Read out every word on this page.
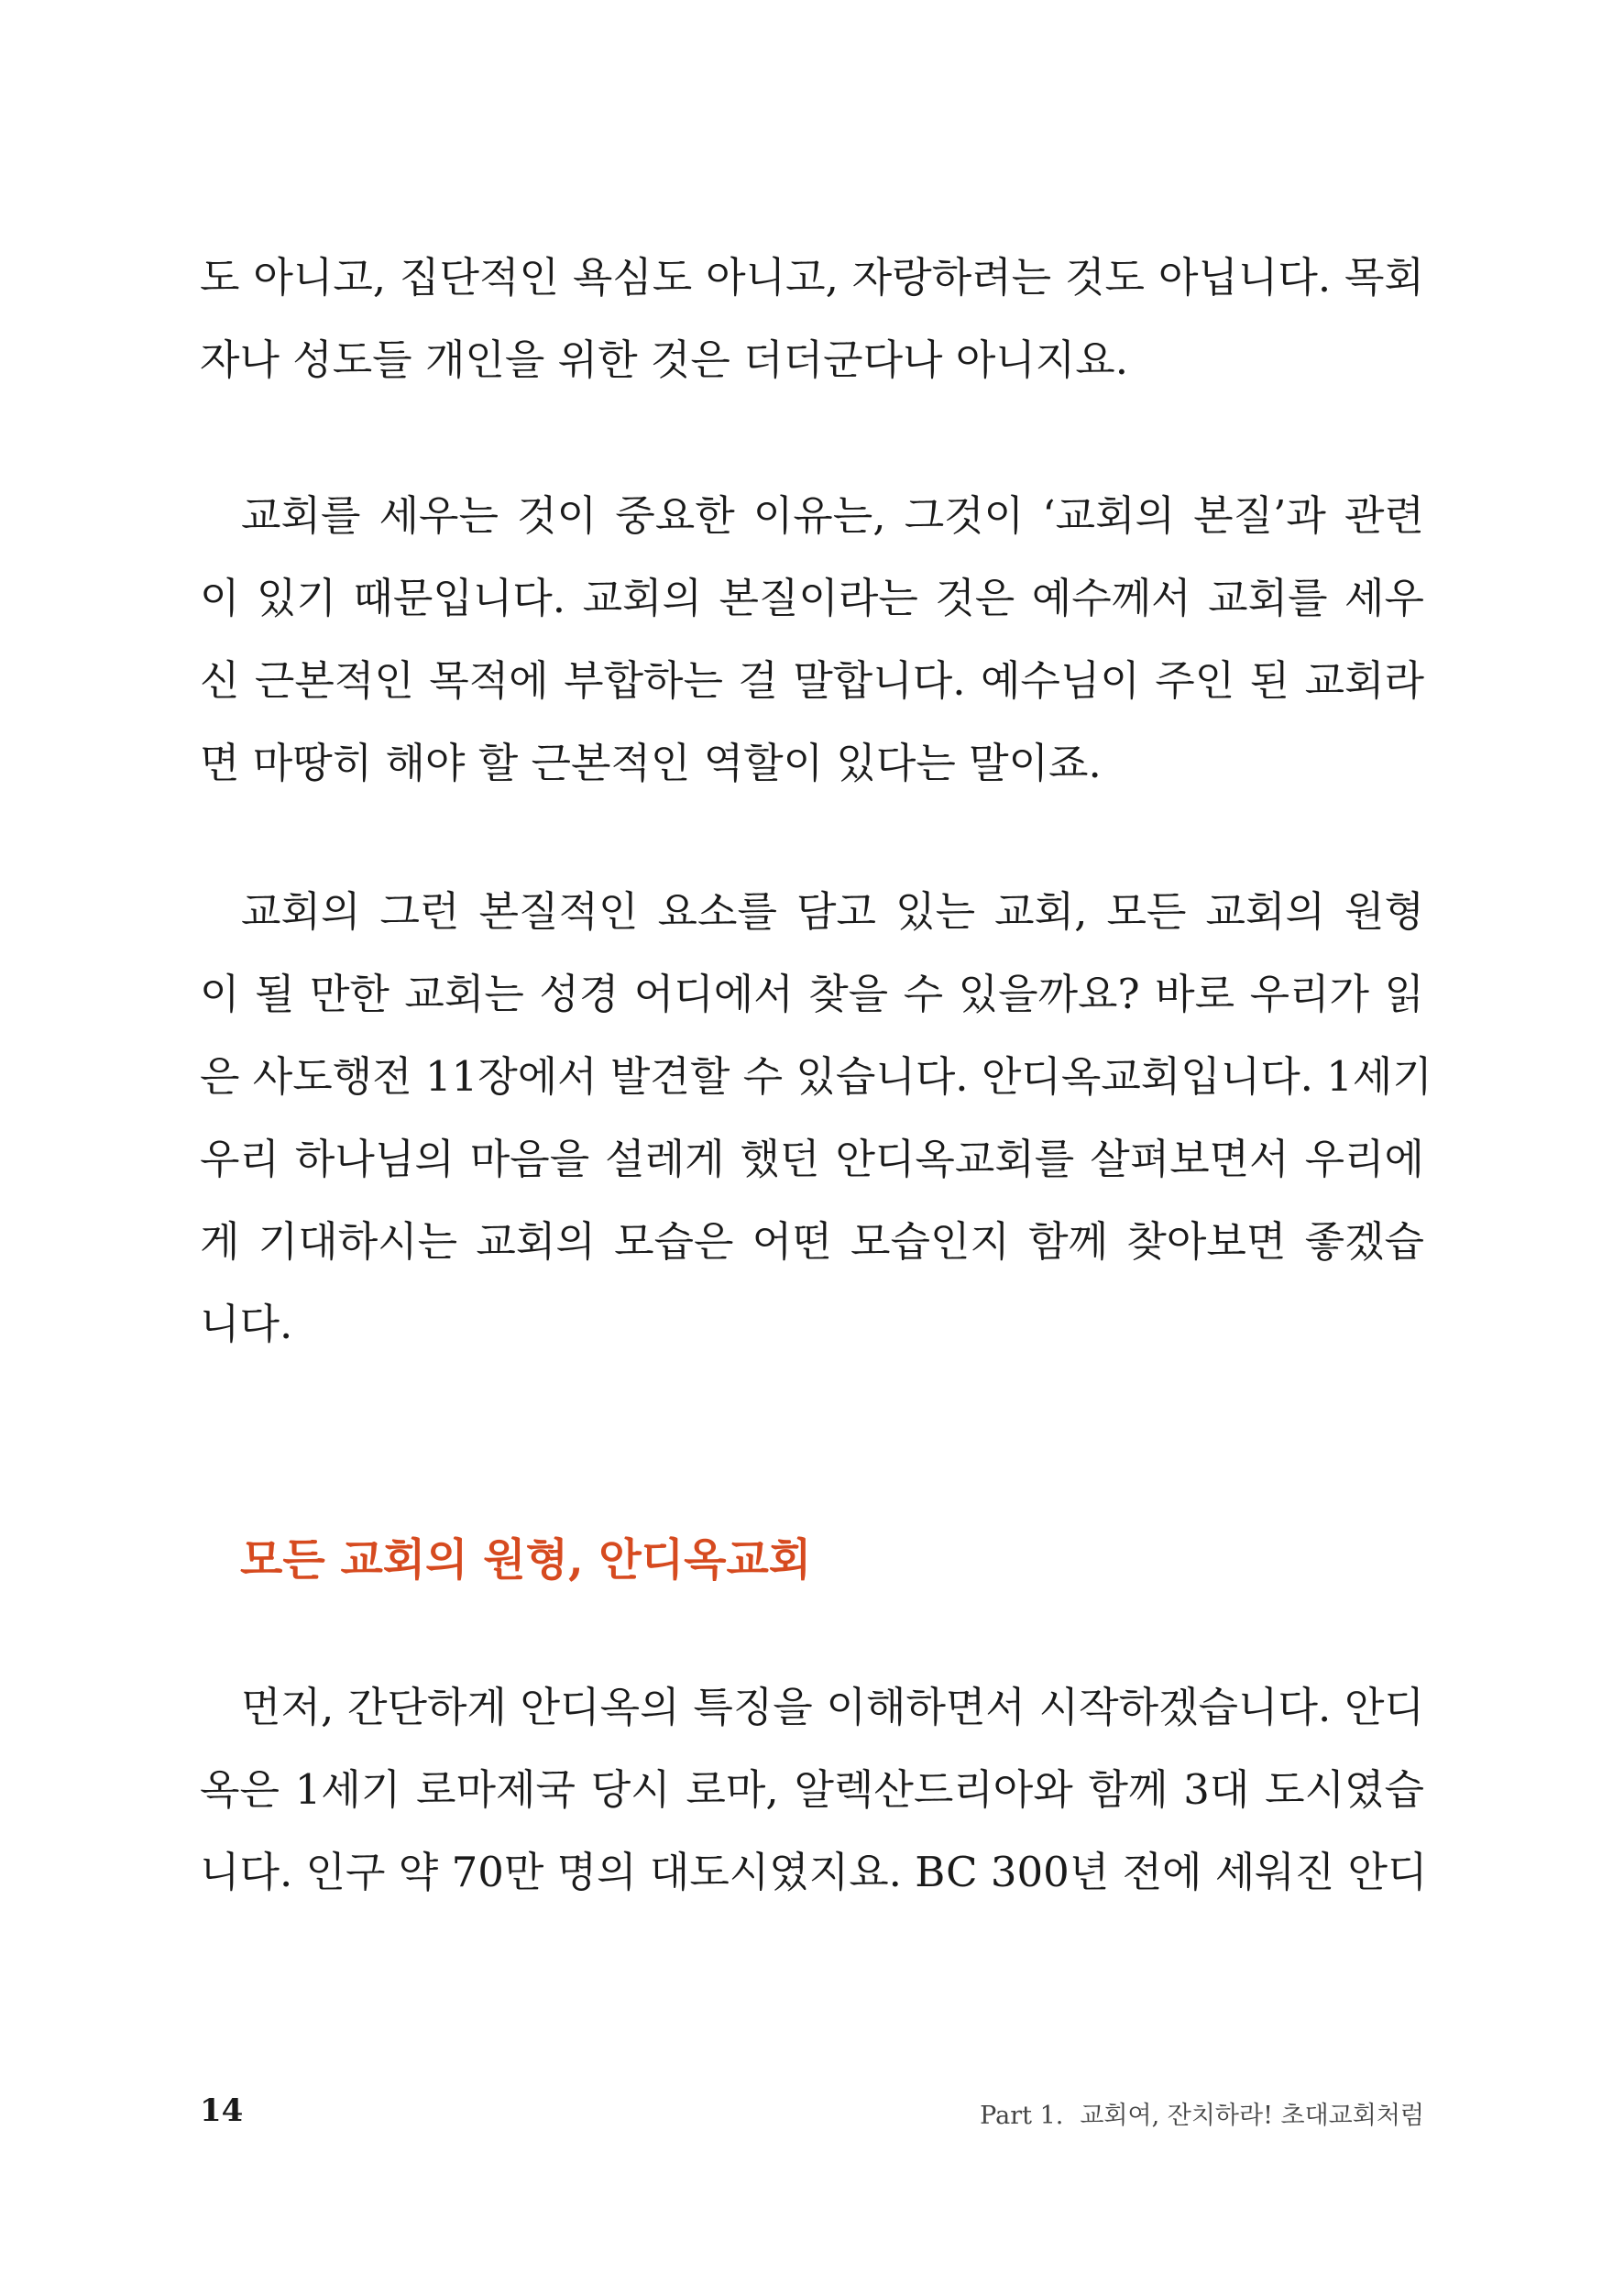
도 아니고, 집단적인 욕심도 아니고, 자랑하려는 것도 아닙니다. 목회
자나 성도들 개인을 위한 것은 더더군다나 아니지요.
교회를 세우는 것이 중요한 이유는, 그것이 ‘교회의 본질’과 관련
이 있기 때문입니다. 교회의 본질이라는 것은 예수께서 교회를 세우
신 근본적인 목적에 부합하는 걸 말합니다. 예수님이 주인 된 교회라
면 마땅히 해야 할 근본적인 역할이 있다는 말이죠.
교회의 그런 본질적인 요소를 담고 있는 교회, 모든 교회의 원형
이 될 만한 교회는 성경 어디에서 찾을 수 있을까요? 바로 우리가 읽
은 사도행전 11장에서 발견할 수 있습니다. 안디옥교회입니다. 1세기
우리 하나님의 마음을 설레게 했던 안디옥교회를 살펴보면서 우리에
게 기대하시는 교회의 모습은 어떤 모습인지 함께 찾아보면 좋겠습
니다.
모든 교회의 원형, 안디옥교회
먼저, 간단하게 안디옥의 특징을 이해하면서 시작하겠습니다. 안디
옥은 1세기 로마제국 당시 로마, 알렉산드리아와 함께 3대 도시였습
니다. 인구 약 70만 명의 대도시였지요. BC 300년 전에 세워진 안디
14	Part 1. 교회여, 잔치하라! 초대교회처럼
